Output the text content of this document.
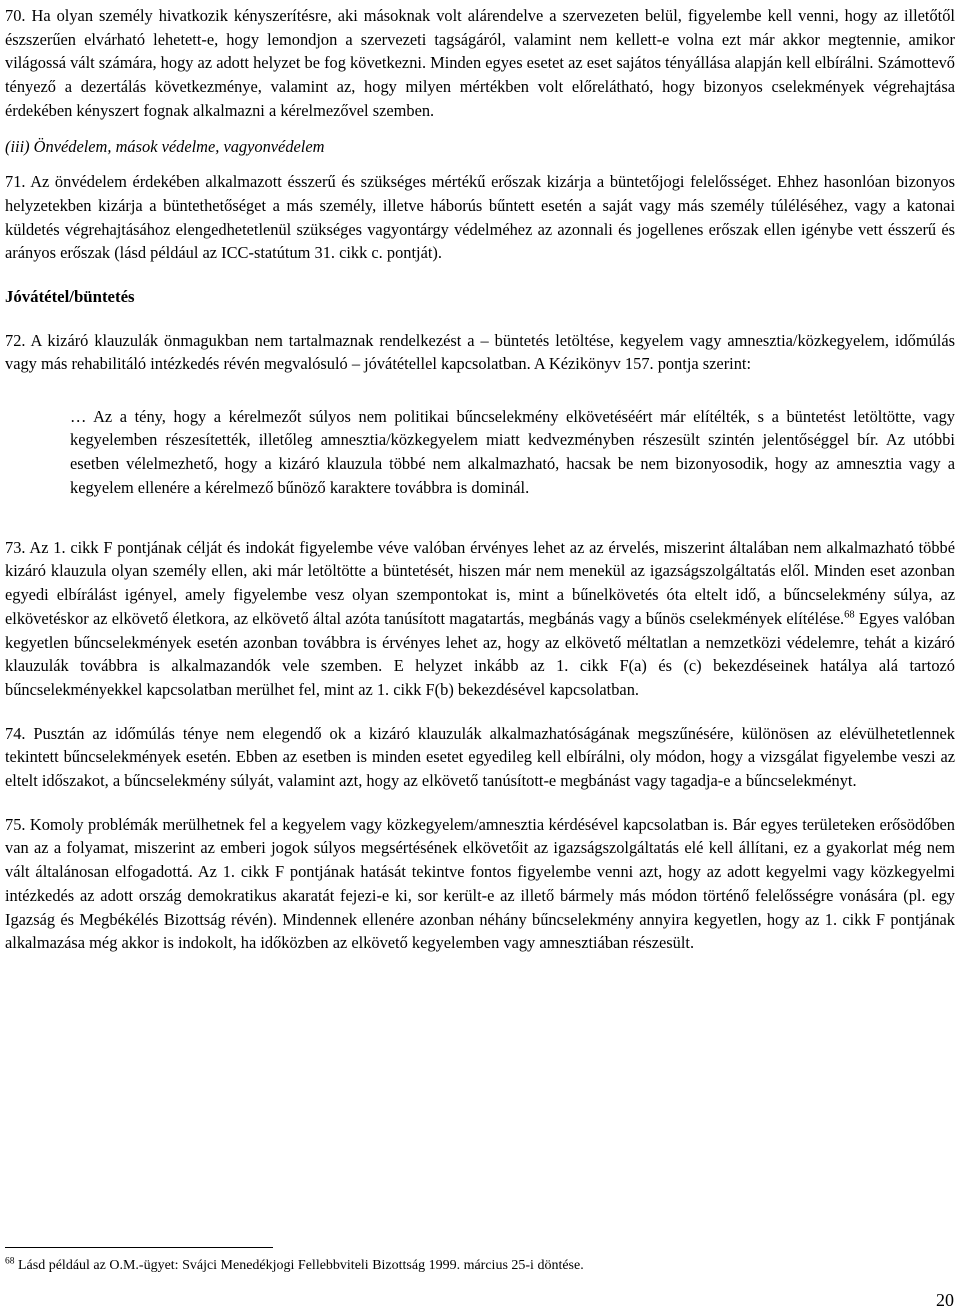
70. Ha olyan személy hivatkozik kényszerítésre, aki másoknak volt alárendelve a szervezeten belül, figyelembe kell venni, hogy az illetőtől észszerűen elvárható lehetett-e, hogy lemondjon a szervezeti tagságáról, valamint nem kellett-e volna ezt már akkor megtennie, amikor világossá vált számára, hogy az adott helyzet be fog következni. Minden egyes esetet az eset sajátos tényállása alapján kell elbírálni. Számottevő tényező a dezertálás következménye, valamint az, hogy milyen mértékben volt előrelátható, hogy bizonyos cselekmények végrehajtása érdekében kényszert fognak alkalmazni a kérelmezővel szemben.

(iii) Önvédelem, mások védelme, vagyonvédelem

71. Az önvédelem érdekében alkalmazott ésszerű és szükséges mértékű erőszak kizárja a büntetőjogi felelősséget. Ehhez hasonlóan bizonyos helyzetekben kizárja a büntethetőséget a más személy, illetve háborús bűntett esetén a saját vagy más személy túléléséhez, vagy a katonai küldetés végrehajtásához elengedhetetlenül szükséges vagyontárgy védelméhez az azonnali és jogellenes erőszak ellen igénybe vett ésszerű és arányos erőszak (lásd például az ICC-statútum 31. cikk c. pontját).

Jóvátétel/büntetés

72. A kizáró klauzulák önmagukban nem tartalmaznak rendelkezést a – büntetés letöltése, kegyelem vagy amnesztia/közkegyelem, időmúlás vagy más rehabilitáló intézkedés révén megvalósuló – jóvátétellel kapcsolatban. A Kézikönyv 157. pontja szerint:

… Az a tény, hogy a kérelmezőt súlyos nem politikai bűncselekmény elkövetéséért már elítélték, s a büntetést letöltötte, vagy kegyelemben részesítették, illetőleg amnesztia/közkegyelem miatt kedvezményben részesült szintén jelentőséggel bír. Az utóbbi esetben vélelmezhető, hogy a kizáró klauzula többé nem alkalmazható, hacsak be nem bizonyosodik, hogy az amnesztia vagy a kegyelem ellenére a kérelmező bűnöző karaktere továbbra is dominál.

73. Az 1. cikk F pontjának célját és indokát figyelembe véve valóban érvényes lehet az az érvelés, miszerint általában nem alkalmazható többé kizáró klauzula olyan személy ellen, aki már letöltötte a büntetését, hiszen már nem menekül az igazságszolgáltatás elől. Minden eset azonban egyedi elbírálást igényel, amely figyelembe vesz olyan szempontokat is, mint a bűnelkövetés óta eltelt idő, a bűncselekmény súlya, az elkövetéskor az elkövető életkora, az elkövető által azóta tanúsított magatartás, megbánás vagy a bűnös cselekmények elítélése.$^{68}$ Egyes valóban kegyetlen bűncselekmények esetén azonban továbbra is érvényes lehet az, hogy az elkövető méltatlan a nemzetközi védelemre, tehát a kizáró klauzulák továbbra is alkalmazandók vele szemben. E helyzet inkább az 1. cikk F(a) és (c) bekezdéseinek hatálya alá tartozó bűncselekményekkel kapcsolatban merülhet fel, mint az 1. cikk F(b) bekezdésével kapcsolatban.

74. Pusztán az időmúlás ténye nem elegendő ok a kizáró klauzulák alkalmazhatóságának megszűnésére, különösen az elévülhetetlennek tekintett bűncselekmények esetén. Ebben az esetben is minden esetet egyedileg kell elbírálni, oly módon, hogy a vizsgálat figyelembe veszi az eltelt időszakot, a bűncselekmény súlyát, valamint azt, hogy az elkövető tanúsított-e megbánást vagy tagadja-e a bűncselekményt.

75. Komoly problémák merülhetnek fel a kegyelem vagy közkegyelem/amnesztia kérdésével kapcsolatban is. Bár egyes területeken erősödőben van az a folyamat, miszerint az emberi jogok súlyos megsértésének elkövetőit az igazságszolgáltatás elé kell állítani, ez a gyakorlat még nem vált általánosan elfogadottá. Az 1. cikk F pontjának hatását tekintve fontos figyelembe venni azt, hogy az adott kegyelmi vagy közkegyelmi intézkedés az adott ország demokratikus akaratát fejezi-e ki, sor került-e az illető bármely más módon történő felelősségre vonására (pl. egy Igazság és Megbékélés Bizottság révén). Mindennek ellenére azonban néhány bűncselekmény annyira kegyetlen, hogy az 1. cikk F pontjának alkalmazása még akkor is indokolt, ha időközben az elkövető kegyelemben vagy amnesztiában részesült.

$^{68}$ Lásd például az O.M.-ügyet: Svájci Menedékjogi Fellebbviteli Bizottság 1999. március 25-i döntése.
20
